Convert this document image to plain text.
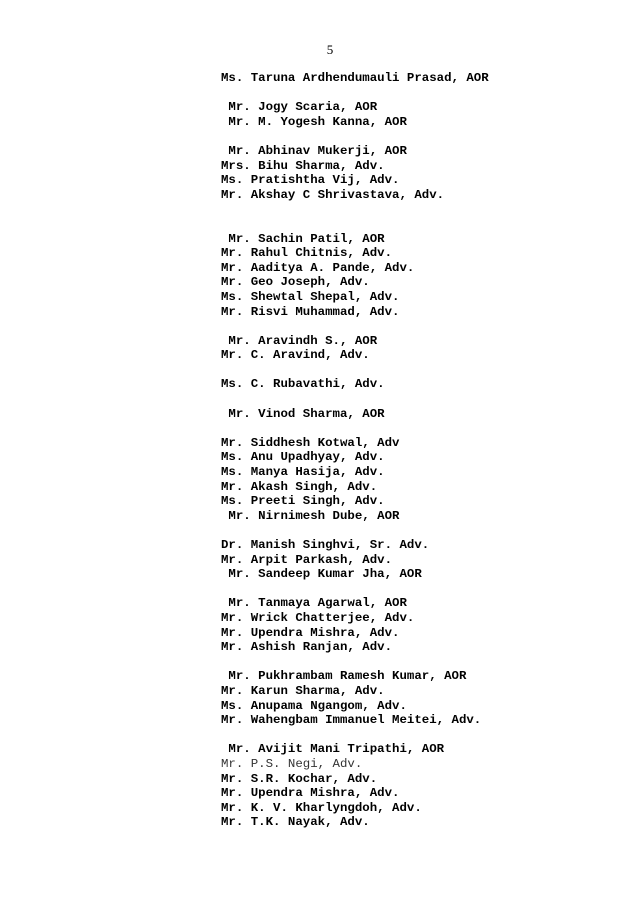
5
Ms. Taruna Ardhendumauli Prasad, AOR
Mr. Jogy Scaria, AOR
Mr. M. Yogesh Kanna, AOR
Mr. Abhinav Mukerji, AOR
Mrs. Bihu Sharma, Adv.
Ms. Pratishtha Vij, Adv.
Mr. Akshay C Shrivastava, Adv.
Mr. Sachin Patil, AOR
Mr. Rahul Chitnis, Adv.
Mr. Aaditya A. Pande, Adv.
Mr. Geo Joseph, Adv.
Ms. Shewtal Shepal, Adv.
Mr. Risvi Muhammad, Adv.
Mr. Aravindh S., AOR
Mr. C. Aravind, Adv.
Ms. C. Rubavathi, Adv.
Mr. Vinod Sharma, AOR
Mr. Siddhesh Kotwal, Adv
Ms. Anu Upadhyay, Adv.
Ms. Manya Hasija, Adv.
Mr. Akash Singh, Adv.
Ms. Preeti Singh, Adv.
Mr. Nirnimesh Dube, AOR
Dr. Manish Singhvi, Sr. Adv.
Mr. Arpit Parkash, Adv.
Mr. Sandeep Kumar Jha, AOR
Mr. Tanmaya Agarwal, AOR
Mr. Wrick Chatterjee, Adv.
Mr. Upendra Mishra, Adv.
Mr. Ashish Ranjan, Adv.
Mr. Pukhrambam Ramesh Kumar, AOR
Mr. Karun Sharma, Adv.
Ms. Anupama Ngangom, Adv.
Mr. Wahengbam Immanuel Meitei, Adv.
Mr. Avijit Mani Tripathi, AOR
Mr. P.S. Negi, Adv.
Mr. S.R. Kochar, Adv.
Mr. Upendra Mishra, Adv.
Mr. K. V. Kharlyngdoh, Adv.
Mr. T.K. Nayak, Adv.
